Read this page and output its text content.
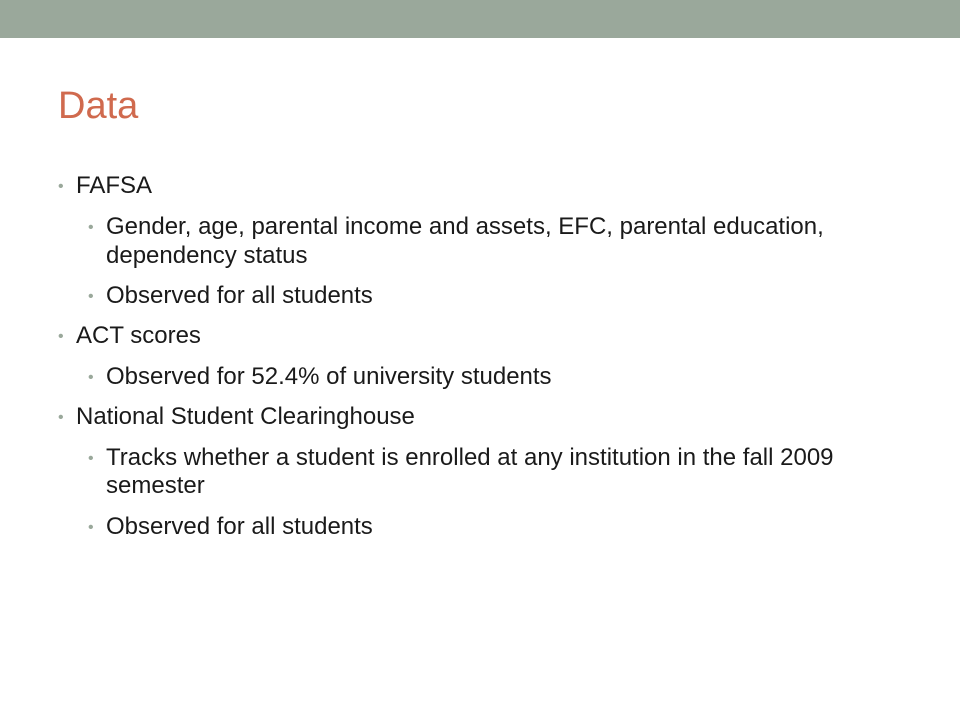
Data
• FAFSA
• Gender, age, parental income and assets, EFC, parental education, dependency status
• Observed for all students
• ACT scores
• Observed for 52.4% of university students
• National Student Clearinghouse
• Tracks whether a student is enrolled at any institution in the fall 2009 semester
• Observed for all students
